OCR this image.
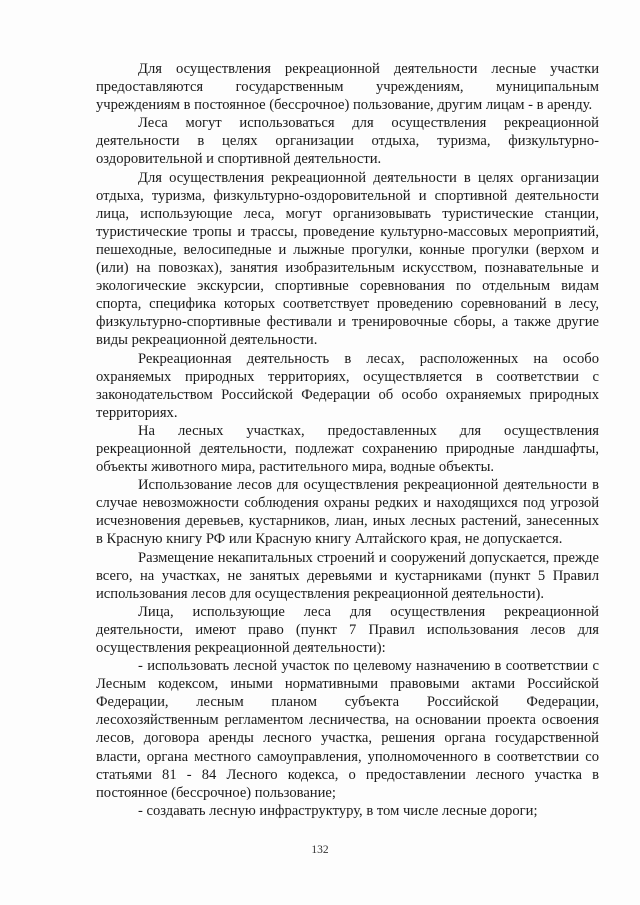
Для осуществления рекреационной деятельности лесные участки предоставляются государственным учреждениям, муниципальным учреждениям в постоянное (бессрочное) пользование, другим лицам - в аренду.

Леса могут использоваться для осуществления рекреационной деятельности в целях организации отдыха, туризма, физкультурно-оздоровительной и спортивной деятельности.

Для осуществления рекреационной деятельности в целях организации отдыха, туризма, физкультурно-оздоровительной и спортивной деятельности лица, использующие леса, могут организовывать туристические станции, туристические тропы и трассы, проведение культурно-массовых мероприятий, пешеходные, велосипедные и лыжные прогулки, конные прогулки (верхом и (или) на повозках), занятия изобразительным искусством, познавательные и экологические экскурсии, спортивные соревнования по отдельным видам спорта, специфика которых соответствует проведению соревнований в лесу, физкультурно-спортивные фестивали и тренировочные сборы, а также другие виды рекреационной деятельности.

Рекреационная деятельность в лесах, расположенных на особо охраняемых природных территориях, осуществляется в соответствии с законодательством Российской Федерации об особо охраняемых природных территориях.

На лесных участках, предоставленных для осуществления рекреационной деятельности, подлежат сохранению природные ландшафты, объекты животного мира, растительного мира, водные объекты.

Использование лесов для осуществления рекреационной деятельности в случае невозможности соблюдения охраны редких и находящихся под угрозой исчезновения деревьев, кустарников, лиан, иных лесных растений, занесенных в Красную книгу РФ или Красную книгу Алтайского края, не допускается.

Размещение некапитальных строений и сооружений допускается, прежде всего, на участках, не занятых деревьями и кустарниками (пункт 5 Правил использования лесов для осуществления рекреационной деятельности).

Лица, использующие леса для осуществления рекреационной деятельности, имеют право (пункт 7 Правил использования лесов для осуществления рекреационной деятельности):

- использовать лесной участок по целевому назначению в соответствии с Лесным кодексом, иными нормативными правовыми актами Российской Федерации, лесным планом субъекта Российской Федерации, лесохозяйственным регламентом лесничества, на основании проекта освоения лесов, договора аренды лесного участка, решения органа государственной власти, органа местного самоуправления, уполномоченного в соответствии со статьями 81 - 84 Лесного кодекса, о предоставлении лесного участка в постоянное (бессрочное) пользование;

- создавать лесную инфраструктуру, в том числе лесные дороги;

132
